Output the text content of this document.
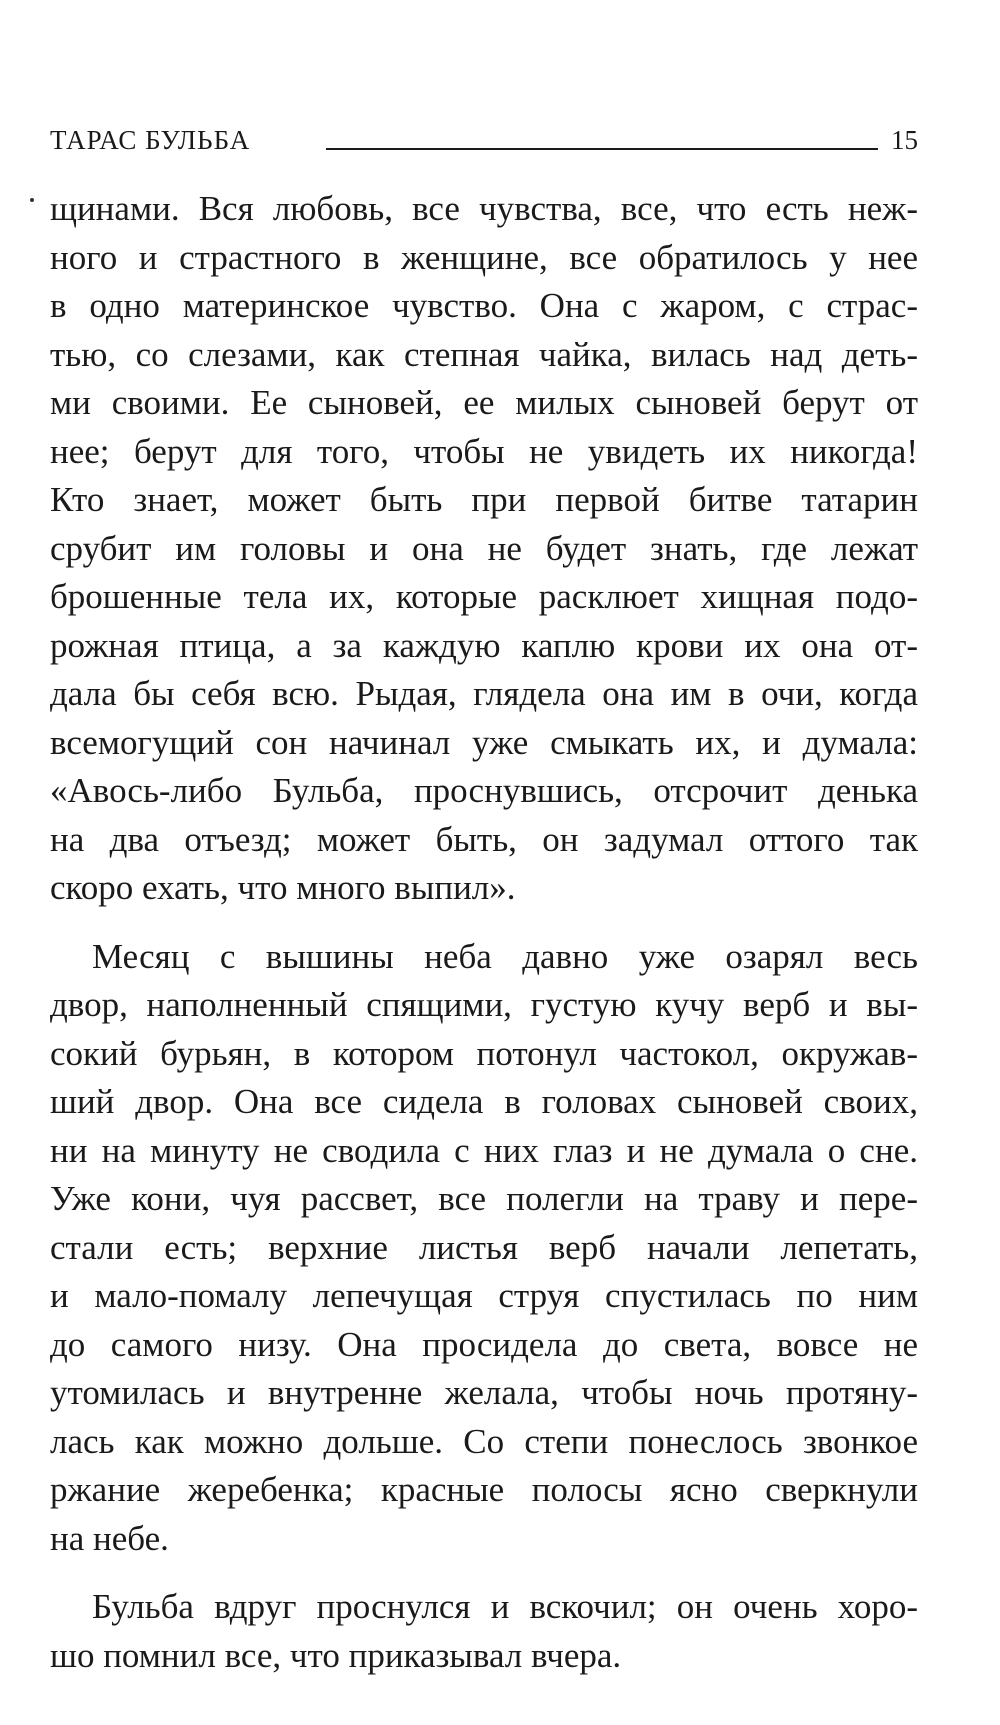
ТАРАС БУЛЬБА	15
щинами. Вся любовь, все чувства, все, что есть неж-
ного и страстного в женщине, все обратилось у нее
в одно материнское чувство. Она с жаром, с страс-
тью, со слезами, как степная чайка, вилась над деть-
ми своими. Ее сыновей, ее милых сыновей берут от
нее; берут для того, чтобы не увидеть их никогда!
Кто знает, может быть при первой битве татарин
срубит им головы и она не будет знать, где лежат
брошенные тела их, которые расклюет хищная подо-
рожная птица, а за каждую каплю крови их она от-
дала бы себя всю. Рыдая, глядела она им в очи, когда
всемогущий сон начинал уже смыкать их, и думала:
«Авось-либо Бульба, проснувшись, отсрочит денька
на два отъезд; может быть, он задумал оттого так
скоро ехать, что много выпил».
Месяц с вышины неба давно уже озарял весь
двор, наполненный спящими, густую кучу верб и вы-
сокий бурьян, в котором потонул частокол, окружав-
ший двор. Она все сидела в головах сыновей своих,
ни на минуту не сводила с них глаз и не думала о сне.
Уже кони, чуя рассвет, все полегли на траву и пере-
стали есть; верхние листья верб начали лепетать,
и мало-помалу лепечущая струя спустилась по ним
до самого низу. Она просидела до света, вовсе не
утомилась и внутренне желала, чтобы ночь протяну-
лась как можно дольше. Со степи понеслось звонкое
ржание жеребенка; красные полосы ясно сверкнули
на небе.
Бульба вдруг проснулся и вскочил; он очень хоро-
шо помнил все, что приказывал вчера.
